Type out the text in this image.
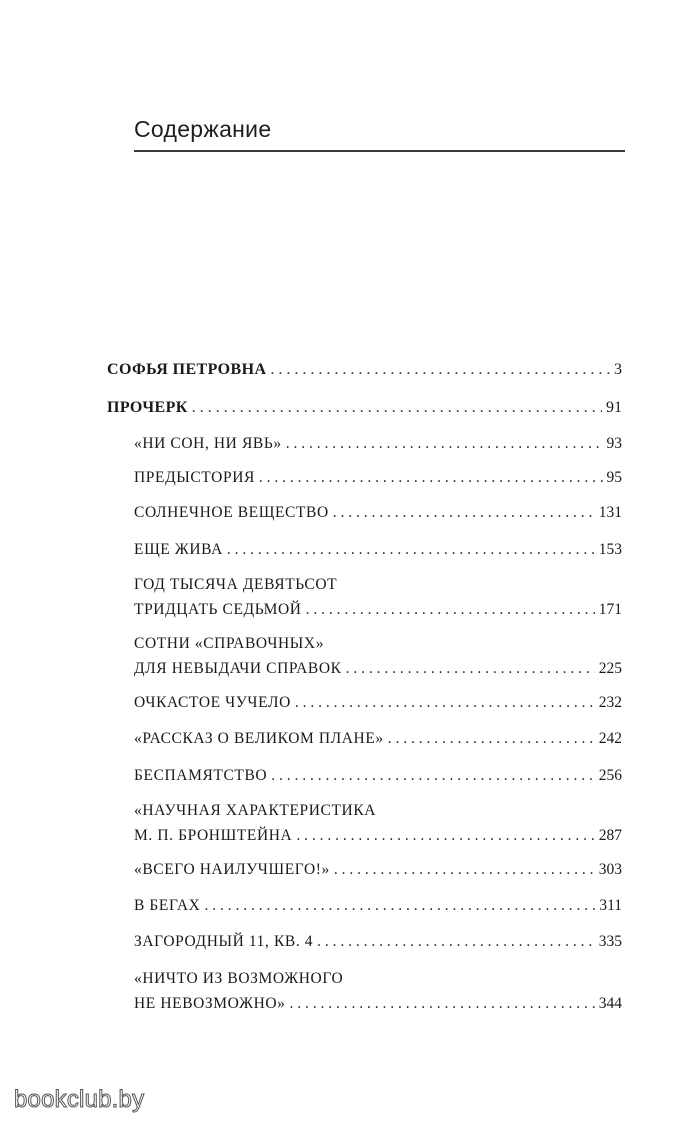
Содержание
СОФЬЯ ПЕТРОВНА . . .	3
ПРОЧЕРК . . .	91
«НИ СОН, НИ ЯВЬ» . . .	93
ПРЕДЫСТОРИЯ . . .	95
СОЛНЕЧНОЕ ВЕЩЕСТВО . . .	131
ЕЩЕ ЖИВА . . .	153
ГОД ТЫСЯЧА ДЕВЯТЬСОТ
ТРИДЦАТЬ СЕДЬМОЙ . . .	171
СОТНИ «СПРАВОЧНЫХ»
ДЛЯ НЕВЫДАЧИ СПРАВОК . . .	225
ОЧКАСТОЕ ЧУЧЕЛО . . .	232
«РАССКАЗ О ВЕЛИКОМ ПЛАНЕ» . . .	242
БЕСПАМЯТСТВО . . .	256
«НАУЧНАЯ ХАРАКТЕРИСТИКА
М. П. БРОНШТЕЙНА . . .	287
«ВСЕГО НАИЛУЧШЕГО!» . . .	303
В БЕГАХ . . .	311
ЗАГОРОДНЫЙ 11, КВ. 4 . . .	335
«НИЧТО ИЗ ВОЗМОЖНОГО
НЕ НЕВОЗМОЖНО» . . .	344
bookclub.by
